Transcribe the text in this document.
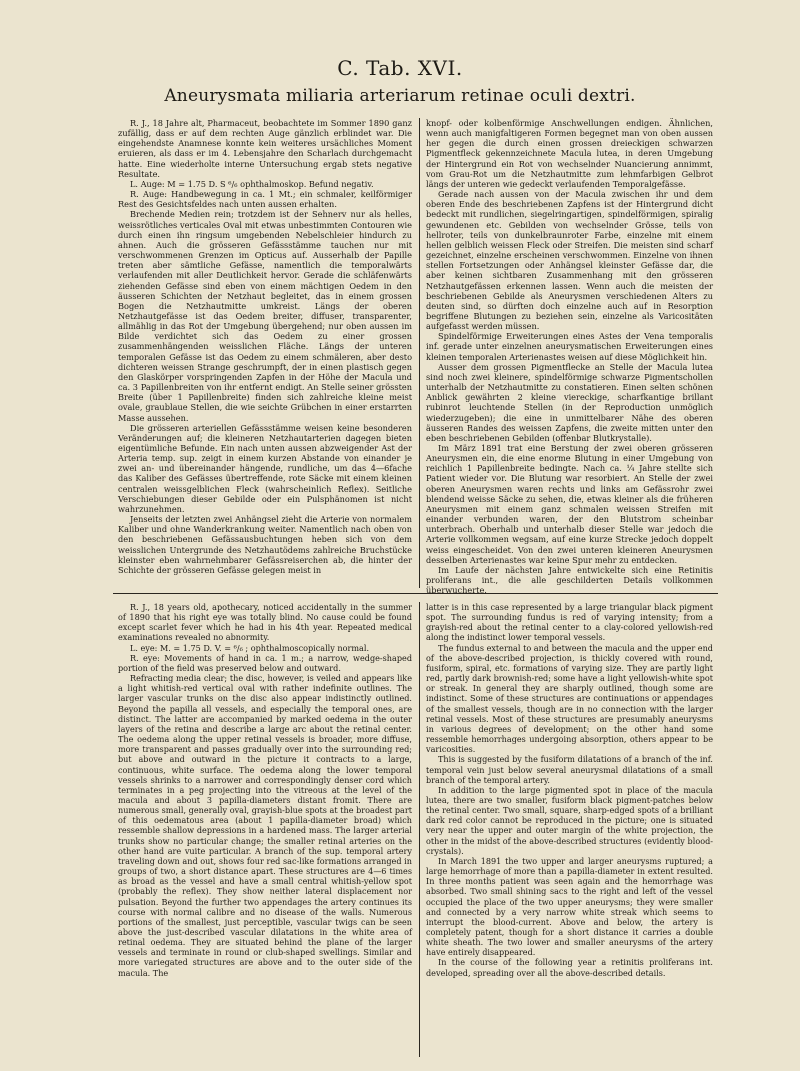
C. Tab. XVI.
Aneurysmata miliaria arteriarum retinae oculi dextri.

R. J., 18 Jahre alt, Pharmaceut, beobachtete im Sommer 1890 ganz zufällig, dass er auf dem rechten Auge gänzlich erblindet war. Die eingehendste Anamnese konnte kein weiteres ursächliches Moment eruieren, als dass er im 4. Lebensjahre den Scharlach durchgemacht hatte. Eine wiederholte interne Untersuchung ergab stets negative Resultate.

L. Auge: M = 1.75 D. S ⁶/₆ ophthalmoskop. Befund negativ.

R. Auge: Handbewegung in ca. 1 Mt.; ein schmaler, keilförmiger Rest des Gesichtsfeldes nach unten aussen erhalten.

Brechende Medien rein; trotzdem ist der Sehnerv nur als helles, weissrötliches verticales Oval mit etwas unbestimmten Contouren wie durch einen ihn ringsum umgebenden Nebelschleier hindurch zu ahnen. Auch die grösseren Gefässstämme tauchen nur mit verschwommenen Grenzen im Opticus auf. Ausserhalb der Papille treten aber sämtliche Gefässe, namentlich die temporalwärts verlaufenden mit aller Deutlichkeit hervor. Gerade die schläfenwärts ziehenden Gefässe sind eben von einem mächtigen Oedem in den äusseren Schichten der Netzhaut begleitet, das in einem grossen Bogen die Netzhautmitte umkreist. Längs der oberen Netzhautgefässe ist das Oedem breiter, diffuser, transparenter, allmählig in das Rot der Umgebung übergehend; nur oben aussen im Bilde verdichtet sich das Oedem zu einer grossen zusammenhängenden weisslichen Fläche. Längs der unteren temporalen Gefässe ist das Oedem zu einem schmäleren, aber desto dichteren weissen Strange geschrumpft, der in einen plastisch gegen den Glaskörper vorspringenden Zapfen in der Höhe der Macula und ca. 3 Papillenbreiten von ihr entfernt endigt. An Stelle seiner grössten Breite (über 1 Papillenbreite) finden sich zahlreiche kleine meist ovale, graublaue Stellen, die wie seichte Grübchen in einer erstarrten Masse aussehen.

Die grösseren arteriellen Gefässstämme weisen keine besonderen Veränderungen auf; die kleineren Netzhautarterien dagegen bieten eigentümliche Befunde. Ein nach unten aussen abzweigender Ast der Arteria temp. sup. zeigt in einem kurzen Abstande von einander je zwei an- und übereinander hängende, rundliche, um das 4—6fache das Kaliber des Gefässes übertreffende, rote Säcke mit einem kleinen centralen weissgelblichen Fleck (wahrscheinlich Reflex). Seitliche Verschiebungen dieser Gebilde oder ein Pulsphänomen ist nicht wahrzunehmen.

Jenseits der letzten zwei Anhängsel zieht die Arterie von normalem Kaliber und ohne Wanderkrankung weiter. Namentlich nach oben von den beschriebenen Gefässausbuchtungen heben sich von dem weisslichen Untergrunde des Netzhautödems zahlreiche Bruchstücke kleinster eben wahrnehmbarer Gefässreiserchen ab, die hinter der Schichte der grösseren Gefässe gelegen meist in

knopf- oder kolbenförmige Anschwellungen endigen. Ähnlichen, wenn auch manigfaltigeren Formen begegnet man von oben aussen her gegen die durch einen grossen dreieckigen schwarzen Pigmentfleck gekennzeichnete Macula lutea, in deren Umgebung der Hintergrund ein Rot von wechselnder Nuancierung annimmt, vom Grau-Rot um die Netzhautmitte zum lehmfarbigen Gelbrot längs der unteren wie gedeckt verlaufenden Temporalgefässe.

Gerade nach aussen von der Macula zwischen ihr und dem oberen Ende des beschriebenen Zapfens ist der Hintergrund dicht bedeckt mit rundlichen, siegelringartigen, spindelförmigen, spiralig gewundenen etc. Gebilden von wechselnder Grösse, teils von hellroter, teils von dunkelbraunroter Farbe, einzelne mit einem hellen gelblich weissen Fleck oder Streifen. Die meisten sind scharf gezeichnet, einzelne erscheinen verschwommen. Einzelne von ihnen stellen Fortsetzungen oder Anhängsel kleinster Gefässe dar, die aber keinen sichtbaren Zusammenhang mit den grösseren Netzhautgefässen erkennen lassen. Wenn auch die meisten der beschriebenen Gebilde als Aneurysmen verschiedenen Alters zu deuten sind, so dürften doch einzelne auch auf in Resorption begriffene Blutungen zu beziehen sein, einzelne als Varicositäten aufgefasst werden müssen.

Spindelförmige Erweiterungen eines Astes der Vena temporalis inf. gerade unter einzelnen aneurysmatischen Erweiterungen eines kleinen temporalen Arterienastes weisen auf diese Möglichkeit hin.

Ausser dem grossen Pigmentflecke an Stelle der Macula lutea sind noch zwei kleinere, spindelförmige schwarze Pigmentschollen unterhalb der Netzhautmitte zu constatieren. Einen selten schönen Anblick gewährten 2 kleine viereckige, scharfkantige brillant rubinrot leuchtende Stellen (in der Reproduction unmöglich wiederzugeben); die eine in unmittelbarer Nähe des oberen äusseren Randes des weissen Zapfens, die zweite mitten unter den eben beschriebenen Gebilden (offenbar Blutkrystalle).

Im März 1891 trat eine Berstung der zwei oberen grösseren Aneurysmen ein, die eine enorme Blutung in einer Umgebung von reichlich 1 Papillenbreite bedingte. Nach ca. ¼ Jahre stellte sich Patient wieder vor. Die Blutung war resorbiert. An Stelle der zwei oberen Aneurysmen waren rechts und links am Gefässrohr zwei blendend weisse Säcke zu sehen, die, etwas kleiner als die früheren Aneurysmen mit einem ganz schmalen weissen Streifen mit einander verbunden waren, der den Blutstrom scheinbar unterbrach. Oberhalb und unterhalb dieser Stelle war jedoch die Arterie vollkommen wegsam, auf eine kurze Strecke jedoch doppelt weiss eingescheidet. Von den zwei unteren kleineren Aneurysmen desselben Arterienastes war keine Spur mehr zu entdecken.

Im Laufe der nächsten Jahre entwickelte sich eine Retinitis proliferans int., die alle geschilderten Details vollkommen überwucherte.

R. J., 18 years old, apothecary, noticed accidentally in the summer of 1890 that his right eye was totally blind. No cause could be found except scarlet fever which he had in his 4th year. Repeated medical examinations revealed no abnormity.

L. eye: M. = 1.75 D. V. = ⁶/₆ ; ophthalmoscopically normal.

R. eye: Movements of hand in ca. 1 m.; a narrow, wedge-shaped portion of the field was preserved below and outward.

Refracting media clear; the disc, however, is veiled and appears like a light whitish-red vertical oval with rather indefinite outlines. The larger vascular trunks on the disc also appear indistinctly outlined. Beyond the papilla all vessels, and especially the temporal ones, are distinct. The latter are accompanied by marked oedema in the outer layers of the retina and describe a large arc about the retinal center. The oedema along the upper retinal vessels is broader, more diffuse, more transparent and passes gradually over into the surrounding red; but above and outward in the picture it contracts to a large, continuous, white surface. The oedema along the lower temporal vessels shrinks to a narrower and correspondingly denser cord which terminates in a peg projecting into the vitreous at the level of the macula and about 3 papilla-diameters distant fromit. There are numerous small, generally oval, grayish-blue spots at the broadest part of this oedematous area (about 1 papilla-diameter broad) which ressemble shallow depressions in a hardened mass. The larger arterial trunks show no particular change; the smaller retinal arteries on the other hand are vuite particular. A branch of the sup. temporal artery traveling down and out, shows four red sac-like formations arranged in groups of two, a short distance apart. These structures are 4—6 times as broad as the vessel and have a small central whitish-yellow spot (probably the reflex). They show neither lateral displacement nor pulsation. Beyond the further two appendages the artery continues its course with normal calibre and no disease of the walls. Numerous portions of the smallest, just perceptible, vascular twigs can be seen above the just-described vascular dilatations in the white area of retinal oedema. They are situated behind the plane of the larger vessels and terminate in round or club-shaped swellings. Similar and more variegated structures are above and to the outer side of the macula. The

latter is in this case represented by a large triangular black pigment spot. The surrounding fundus is red of varying intensity; from a grayish-red about the retinal center to a clay-colored yellowish-red along the indistinct lower temporal vessels.

The fundus external to and between the macula and the upper end of the above-described projection, is thickly covered with round, fusiform, spiral, etc. formations of varying size. They are partly light red, partly dark brownish-red; some have a light yellowish-white spot or streak. In general they are sharply outlined, though some are indistinct. Some of these structures are continuations or appendages of the smallest vessels, though are in no connection with the larger retinal vessels. Most of these structures are presumably aneurysms in various degrees of development; on the other hand some ressemble hemorrhages undergoing absorption, others appear to be varicosities.

This is suggested by the fusiform dilatations of a branch of the inf. temporal vein just below several aneurysmal dilatations of a small branch of the temporal artery.

In addition to the large pigmented spot in place of the macula lutea, there are two smaller, fusiform black pigment-patches below the retinal center. Two small, square, sharp-edged spots of a brilliant dark red color cannot be reproduced in the picture; one is situated very near the upper and outer margin of the white projection, the other in the midst of the above-described structures (evidently blood-crystals).

In March 1891 the two upper and larger aneurysms ruptured; a large hemorrhage of more than a papilla-diameter in extent resulted. In three months patient was seen again and the hemorrhage was absorbed. Two small shining sacs to the right and left of the vessel occupied the place of the two upper aneurysms; they were smaller and connected by a very narrow white streak which seems to interrupt the blood-current. Above and below, the artery is completely patent, though for a short distance it carries a double white sheath. The two lower and smaller aneurysms of the artery have entirely disappeared.

In the course of the following year a retinitis proliferans int. developed, spreading over all the above-described details.
